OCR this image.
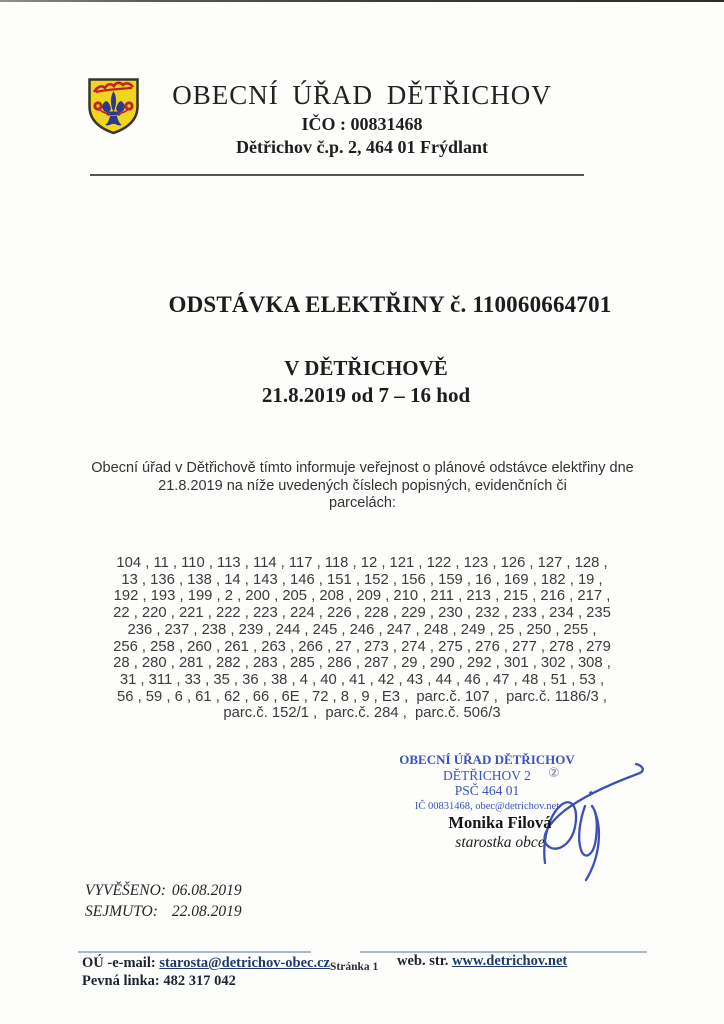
OBECNÍ ÚŘAD DĚTŘICHOV
IČO : 00831468
Dětřichov č.p. 2, 464 01 Frýdlant
ODSTÁVKA ELEKTŘINY č. 110060664701
V DĚTŘICHOVĚ
21.8.2019 od 7 – 16 hod
Obecní úřad v Dětřichově tímto informuje veřejnost o plánové odstávce elektřiny dne
21.8.2019 na níže uvedených číslech popisných, evidenčních či
parcelách:
104 , 11 , 110 , 113 , 114 , 117 , 118 , 12 , 121 , 122 , 123 , 126 , 127 , 128 ,
13 , 136 , 138 , 14 , 143 , 146 , 151 , 152 , 156 , 159 , 16 , 169 , 182 , 19 ,
192 , 193 , 199 , 2 , 200 , 205 , 208 , 209 , 210 , 211 , 213 , 215 , 216 , 217 ,
22 , 220 , 221 , 222 , 223 , 224 , 226 , 228 , 229 , 230 , 232 , 233 , 234 , 235
236 , 237 , 238 , 239 , 244 , 245 , 246 , 247 , 248 , 249 , 25 , 250 , 255 ,
256 , 258 , 260 , 261 , 263 , 266 , 27 , 273 , 274 , 275 , 276 , 277 , 278 , 279
28 , 280 , 281 , 282 , 283 , 285 , 286 , 287 , 29 , 290 , 292 , 301 , 302 , 308 ,
31 , 311 , 33 , 35 , 36 , 38 , 4 , 40 , 41 , 42 , 43 , 44 , 46 , 47 , 48 , 51 , 53 ,
56 , 59 , 6 , 61 , 62 , 66 , 6E , 72 , 8 , 9 , E3 ,  parc.č. 107 ,  parc.č. 1186/3 ,
parc.č. 152/1 ,  parc.č. 284 ,  parc.č. 506/3
OBECNÍ ÚŘAD DĚTŘICHOV
DĚTŘICHOV 2
PSČ 464 01
IČ 00831468, obec@detrichov.net
②
Monika Filová
starostka obce
VYVĚŠENO: 06.08.2019
SEJMUTO: 22.08.2019
OÚ -e-mail: starosta@detrichov-obec.cz
Pevná linka: 482 317 042
Stránka 1 web. str. www.detrichov.net
